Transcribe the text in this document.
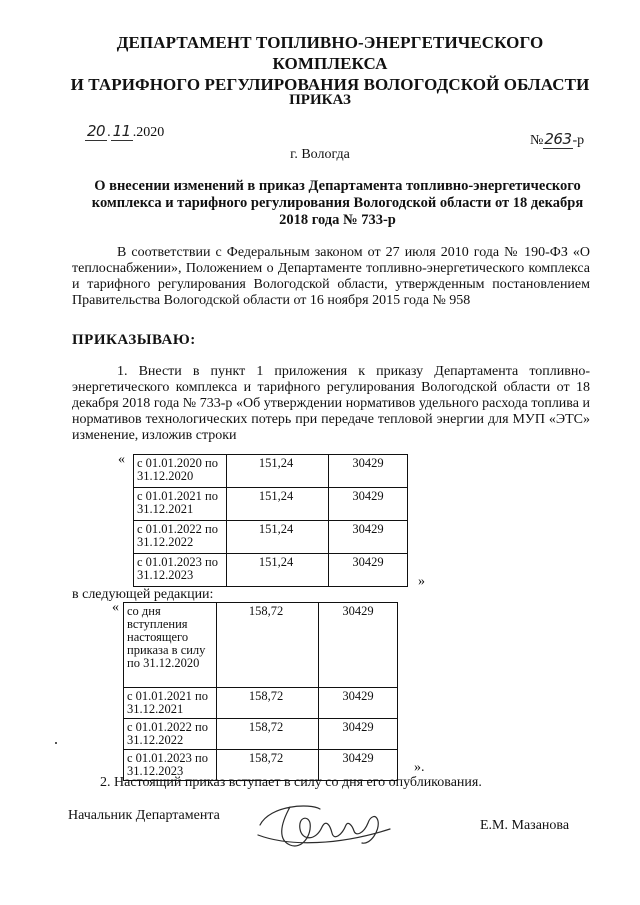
ДЕПАРТАМЕНТ ТОПЛИВНО-ЭНЕРГЕТИЧЕСКОГО КОМПЛЕКСА
И ТАРИФНОГО РЕГУЛИРОВАНИЯ ВОЛОГОДСКОЙ ОБЛАСТИ
ПРИКАЗ
20 . 11 .2020
№263-р
г. Вологда
О внесении изменений в приказ Департамента топливно-энергетического комплекса и тарифного регулирования Вологодской области от 18 декабря 2018 года № 733-р
В соответствии с Федеральным законом от 27 июля 2010 года № 190-ФЗ «О теплоснабжении», Положением о Департаменте топливно-энергетического комплекса и тарифного регулирования Вологодской области, утвержденным постановлением Правительства Вологодской области от 16 ноября 2015 года № 958
ПРИКАЗЫВАЮ:
1. Внести в пункт 1 приложения к приказу Департамента топливно-энергетического комплекса и тарифного регулирования Вологодской области от 18 декабря 2018 года № 733-р «Об утверждении нормативов удельного расхода топлива и нормативов технологических потерь при передаче тепловой энергии для МУП «ЭТС» изменение, изложив строки
« с 01.01.2020 по 31.12.2020	151,24	30429
с 01.01.2021 по 31.12.2021	151,24	30429
с 01.01.2022 по 31.12.2022	151,24	30429
с 01.01.2023 по 31.12.2023	151,24	30429
»
в следующей редакции:
« со дня вступления настоящего приказа в силу по 31.12.2020	158,72	30429
с 01.01.2021 по 31.12.2021	158,72	30429
с 01.01.2022 по 31.12.2022	158,72	30429
с 01.01.2023 по 31.12.2023	158,72	30429
».
2. Настоящий приказ вступает в силу со дня его опубликования.
Начальник Департамента
Е.М. Мазанова
